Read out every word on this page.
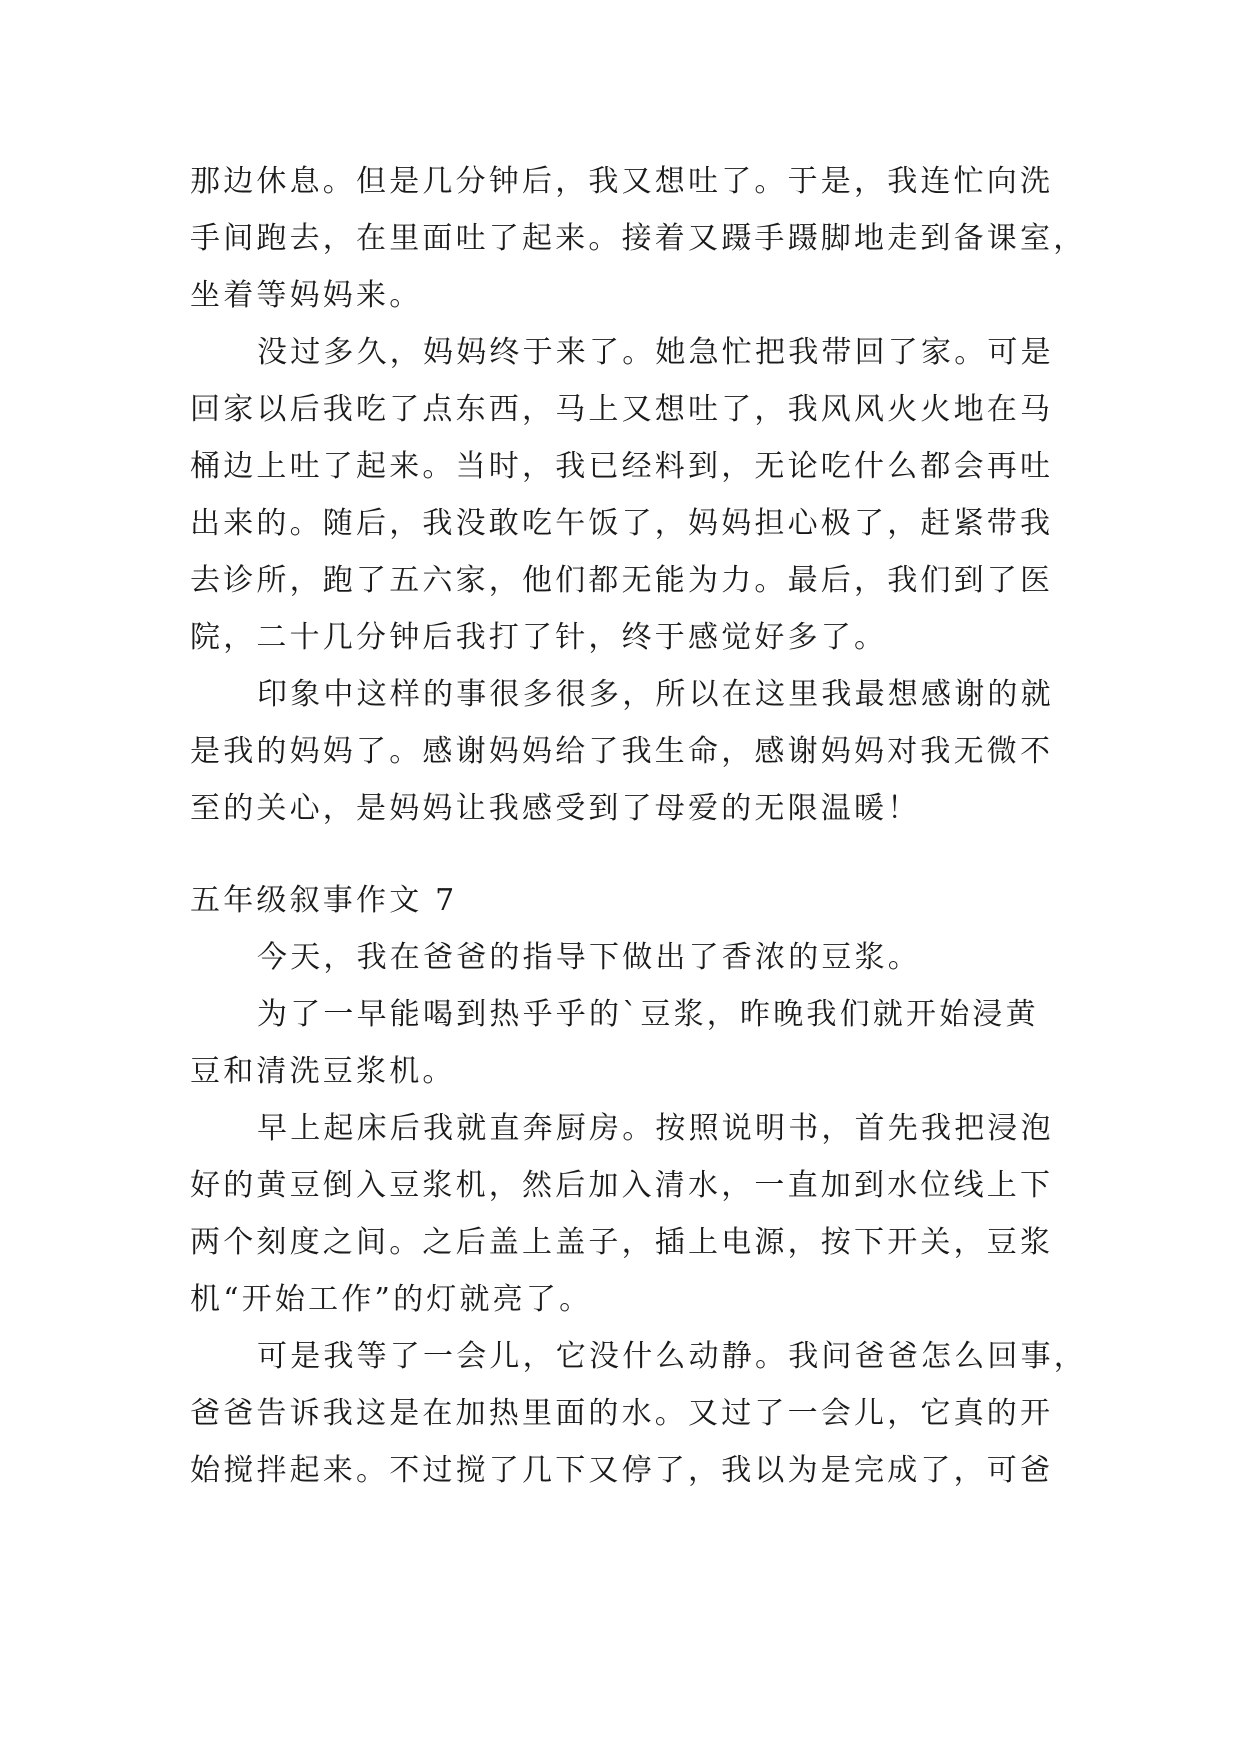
那边休息。但是几分钟后，我又想吐了。于是，我连忙向洗
手间跑去，在里面吐了起来。接着又蹑手蹑脚地走到备课室，
坐着等妈妈来。
没过多久，妈妈终于来了。她急忙把我带回了家。可是
回家以后我吃了点东西，马上又想吐了，我风风火火地在马
桶边上吐了起来。当时，我已经料到，无论吃什么都会再吐
出来的。随后，我没敢吃午饭了，妈妈担心极了，赶紧带我
去诊所，跑了五六家，他们都无能为力。最后，我们到了医
院，二十几分钟后我打了针，终于感觉好多了。
印象中这样的事很多很多，所以在这里我最想感谢的就
是我的妈妈了。感谢妈妈给了我生命，感谢妈妈对我无微不
至的关心，是妈妈让我感受到了母爱的无限温暖！
五年级叙事作文 7
今天，我在爸爸的指导下做出了香浓的豆浆。
为了一早能喝到热乎乎的`豆浆，昨晚我们就开始浸黄
豆和清洗豆浆机。
早上起床后我就直奔厨房。按照说明书，首先我把浸泡
好的黄豆倒入豆浆机，然后加入清水，一直加到水位线上下
两个刻度之间。之后盖上盖子，插上电源，按下开关，豆浆
机“开始工作”的灯就亮了。
可是我等了一会儿，它没什么动静。我问爸爸怎么回事，
爸爸告诉我这是在加热里面的水。又过了一会儿，它真的开
始搅拌起来。不过搅了几下又停了，我以为是完成了，可爸
